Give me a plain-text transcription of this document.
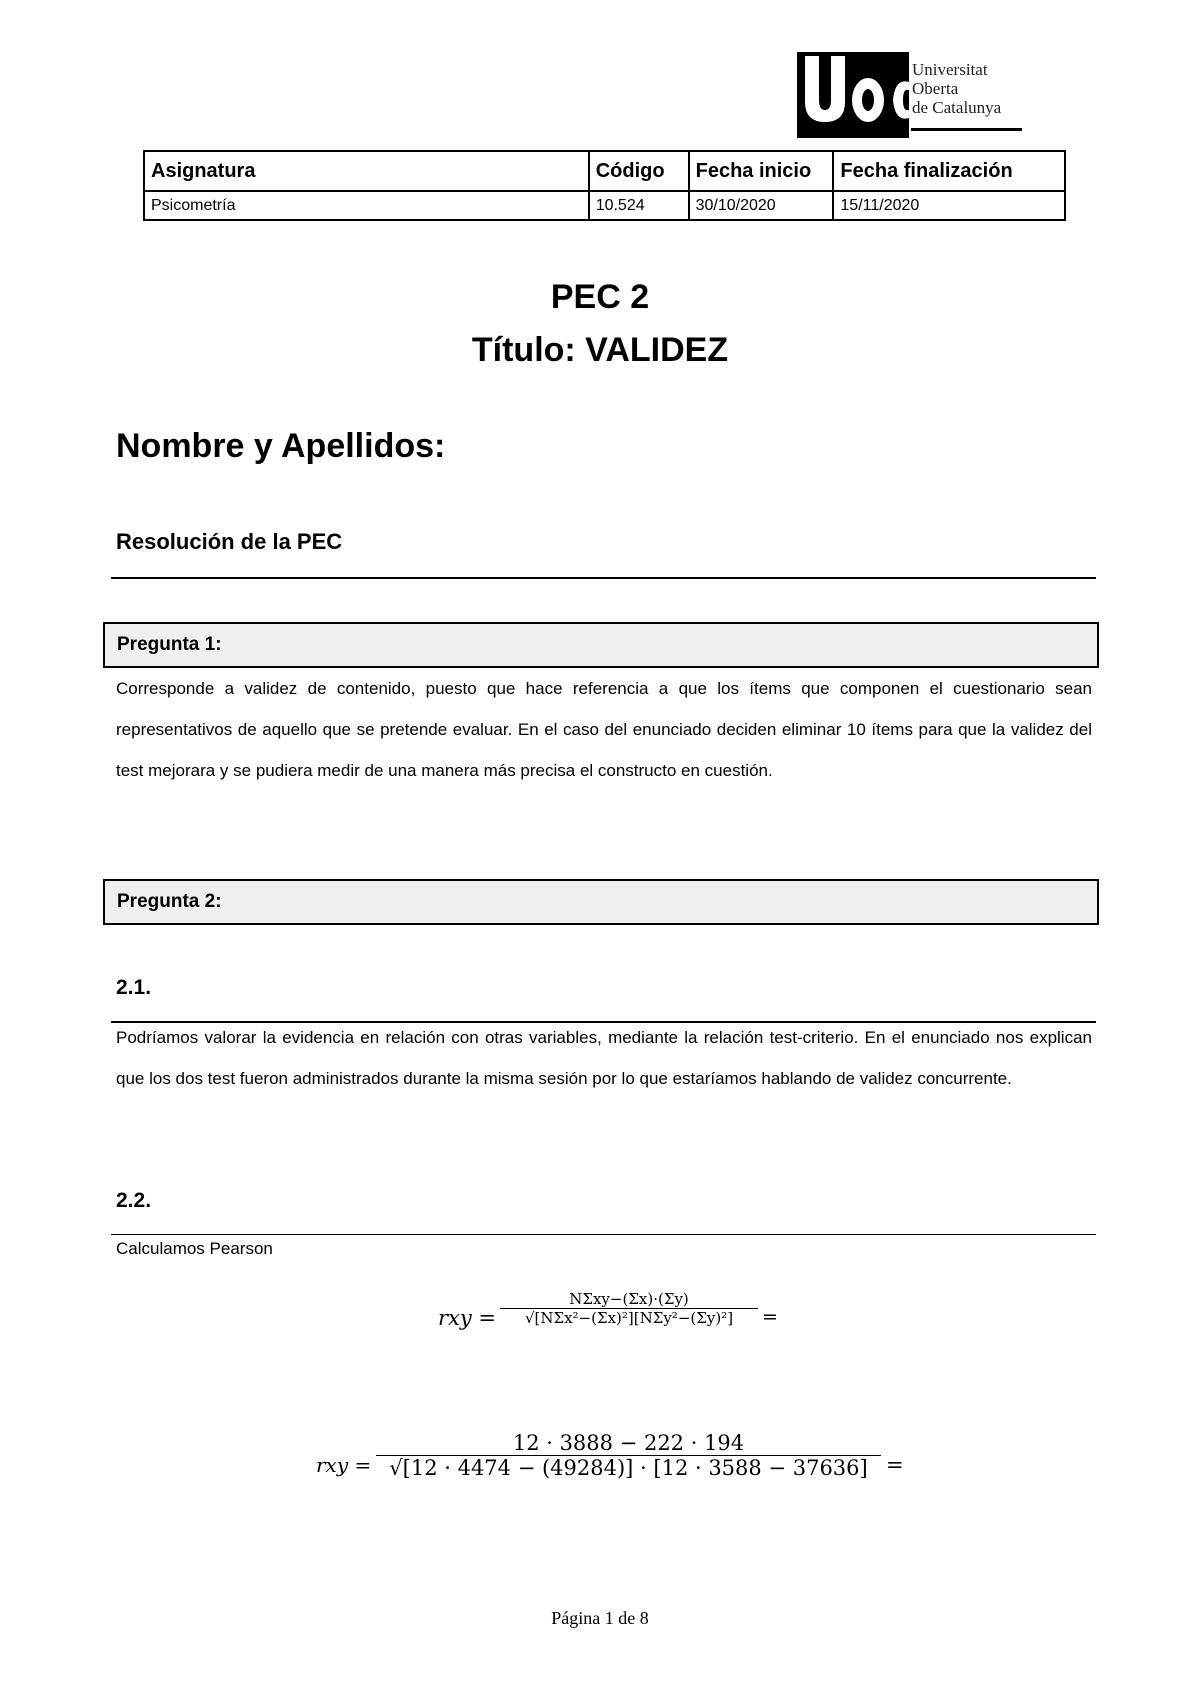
Universitat
Oberta
de Catalunya
Asignatura	Código	Fecha inicio	Fecha finalización
Psicometría	10.524	30/10/2020	15/11/2020
PEC 2
Título: VALIDEZ
Nombre y Apellidos:
Resolución de la PEC
Pregunta 1:
Corresponde a validez de contenido, puesto que hace referencia a que los ítems que componen el cuestionario sean representativos de aquello que se pretende evaluar. En el caso del enunciado deciden eliminar 10 ítems para que la validez del test mejorara y se pudiera medir de una manera más precisa el constructo en cuestión.
Pregunta 2:
2.1.
Podríamos valorar la evidencia en relación con otras variables, mediante la relación test-criterio. En el enunciado nos explican que los dos test fueron administrados durante la misma sesión por lo que estaríamos hablando de validez concurrente.
2.2.
Calculamos Pearson
rxy =
NΣxy−(Σx)·(Σy)
√[NΣx²−(Σx)²][NΣy²−(Σy)²]	=
rxy =
12 · 3888 − 222 · 194
√[12 · 4474 − (49284)] · [12 · 3588 − 37636] =
Página 1 de 8
